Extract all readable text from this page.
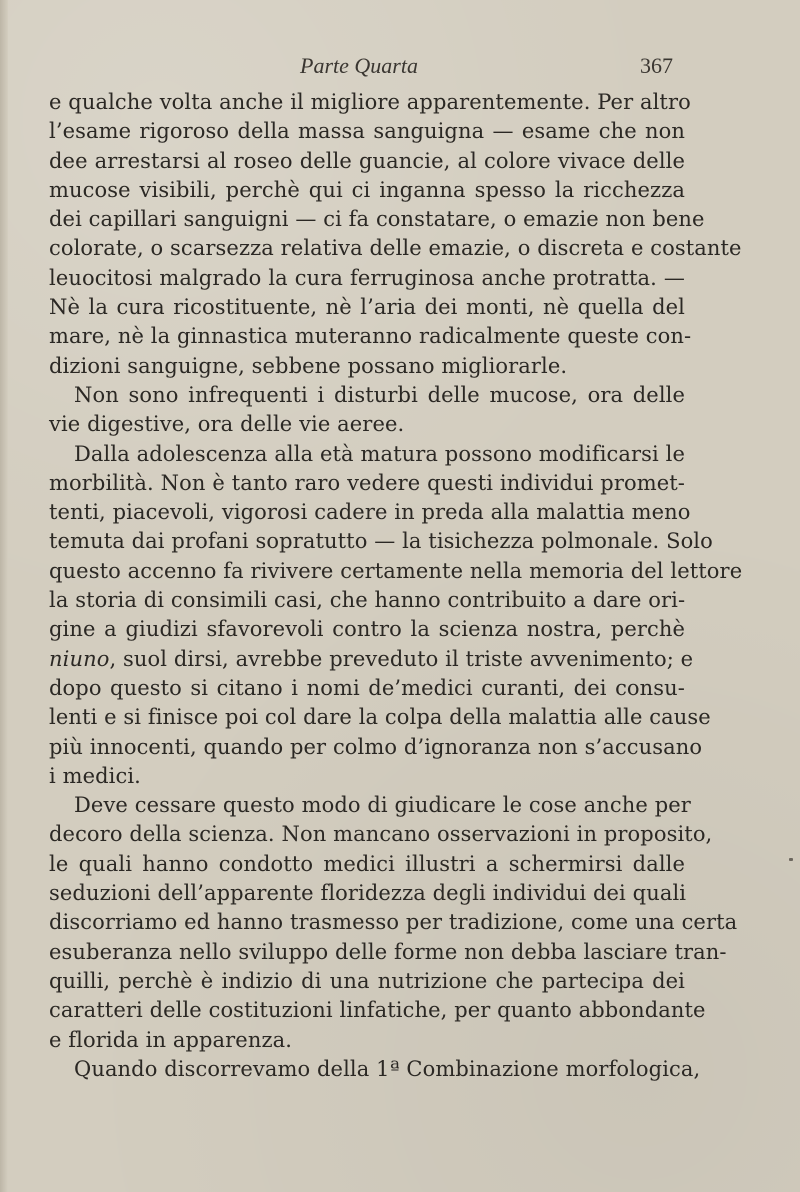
Parte Quarta	367
e qualche volta anche il migliore apparentemente. Per altro
l’esame rigoroso della massa sanguigna — esame che non
dee arrestarsi al roseo delle guancie, al colore vivace delle
mucose visibili, perchè qui ci inganna spesso la ricchezza
dei capillari sanguigni — ci fa constatare, o emazie non bene
colorate, o scarsezza relativa delle emazie, o discreta e costante
leuocitosi malgrado la cura ferruginosa anche protratta. —
Nè la cura ricostituente, nè l’aria dei monti, nè quella del
mare, nè la ginnastica muteranno radicalmente queste con-
dizioni sanguigne, sebbene possano migliorarle.
Non sono infrequenti i disturbi delle mucose, ora delle
vie digestive, ora delle vie aeree.
Dalla adolescenza alla età matura possono modificarsi le
morbilità. Non è tanto raro vedere questi individui promet-
tenti, piacevoli, vigorosi cadere in preda alla malattia meno
temuta dai profani sopratutto — la tisichezza polmonale. Solo
questo accenno fa rivivere certamente nella memoria del lettore
la storia di consimili casi, che hanno contribuito a dare ori-
gine a giudizi sfavorevoli contro la scienza nostra, perchè
niuno, suol dirsi, avrebbe preveduto il triste avvenimento; e
dopo questo si citano i nomi de’medici curanti, dei consu-
lenti e si finisce poi col dare la colpa della malattia alle cause
più innocenti, quando per colmo d’ignoranza non s’accusano
i medici.
Deve cessare questo modo di giudicare le cose anche per
decoro della scienza. Non mancano osservazioni in proposito,
le quali hanno condotto medici illustri a schermirsi dalle
seduzioni dell’apparente floridezza degli individui dei quali
discorriamo ed hanno trasmesso per tradizione, come una certa
esuberanza nello sviluppo delle forme non debba lasciare tran-
quilli, perchè è indizio di una nutrizione che partecipa dei
caratteri delle costituzioni linfatiche, per quanto abbondante
e florida in apparenza.
Quando discorrevamo della 1ª Combinazione morfologica,
